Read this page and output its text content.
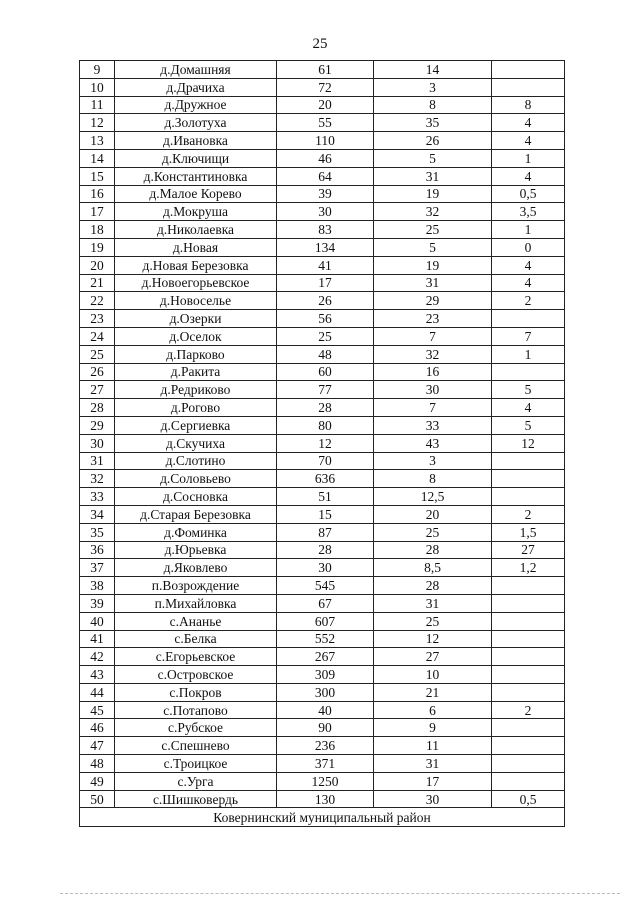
25
9	д.Домашняя	61	14	
10	д.Драчиха	72	3	
11	д.Дружное	20	8	8
12	д.Золотуха	55	35	4
13	д.Ивановка	110	26	4
14	д.Ключищи	46	5	1
15	д.Константиновка	64	31	4
16	д.Малое Корево	39	19	0,5
17	д.Мокруша	30	32	3,5
18	д.Николаевка	83	25	1
19	д.Новая	134	5	0
20	д.Новая Березовка	41	19	4
21	д.Новоегорьевское	17	31	4
22	д.Новоселье	26	29	2
23	д.Озерки	56	23	
24	д.Оселок	25	7	7
25	д.Парково	48	32	1
26	д.Ракита	60	16	
27	д.Редриково	77	30	5
28	д.Рогово	28	7	4
29	д.Сергиевка	80	33	5
30	д.Скучиха	12	43	12
31	д.Слотино	70	3	
32	д.Соловьево	636	8	
33	д.Сосновка	51	12,5	
34	д.Старая Березовка	15	20	2
35	д.Фоминка	87	25	1,5
36	д.Юрьевка	28	28	27
37	д.Яковлево	30	8,5	1,2
38	п.Возрождение	545	28	
39	п.Михайловка	67	31	
40	с.Ананье	607	25	
41	с.Белка	552	12	
42	с.Егорьевское	267	27	
43	с.Островское	309	10	
44	с.Покров	300	21	
45	с.Потапово	40	6	2
46	с.Рубское	90	9	
47	с.Спешнево	236	11	
48	с.Троицкое	371	31	
49	с.Урга	1250	17	
50	с.Шишковердь	130	30	0,5
Ковернинский муниципальный район				
